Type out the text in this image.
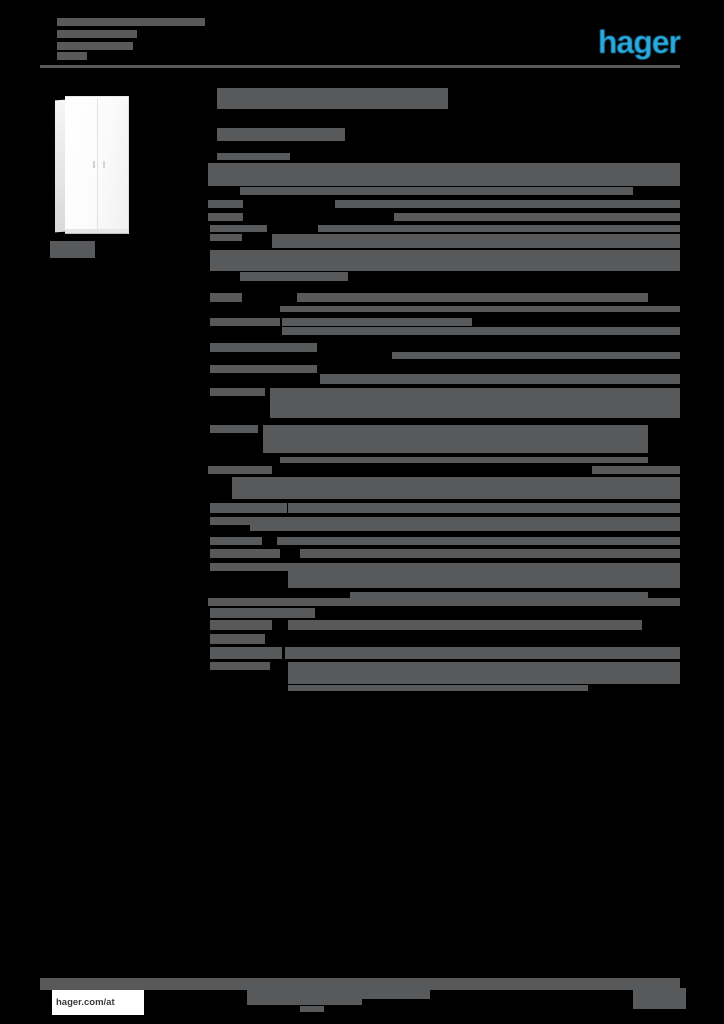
hager
hager.com/at
